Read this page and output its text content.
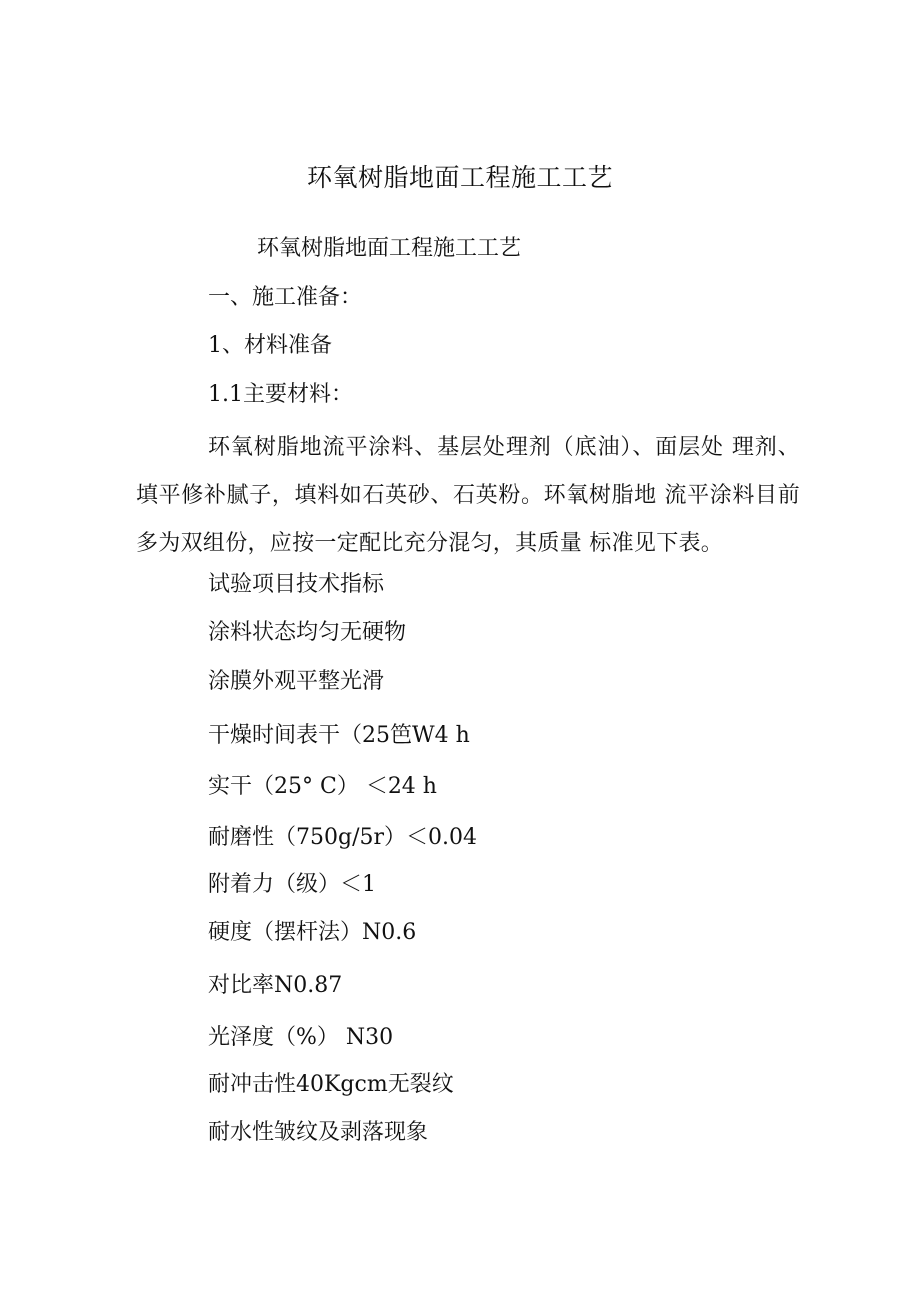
环氧树脂地面工程施工工艺
环氧树脂地面工程施工工艺
一、施工准备：
1、材料准备
1.1主要材料：
环氧树脂地流平涂料、基层处理剂（底油）、面层处 理剂、填平修补腻子，填料如石英砂、石英粉。环氧树脂地 流平涂料目前多为双组份，应按一定配比充分混匀，其质量 标准见下表。
试验项目技术指标
涂料状态均匀无硬物
涂膜外观平整光滑
干燥时间表干（25笆W4 h
实干（25° C） ＜24 h
耐磨性（750g/5r）＜0.04
附着力（级）＜1
硬度（摆杆法）N0.6
对比率N0.87
光泽度（%） N30
耐冲击性40Kgcm无裂纹
耐水性皱纹及剥落现象
